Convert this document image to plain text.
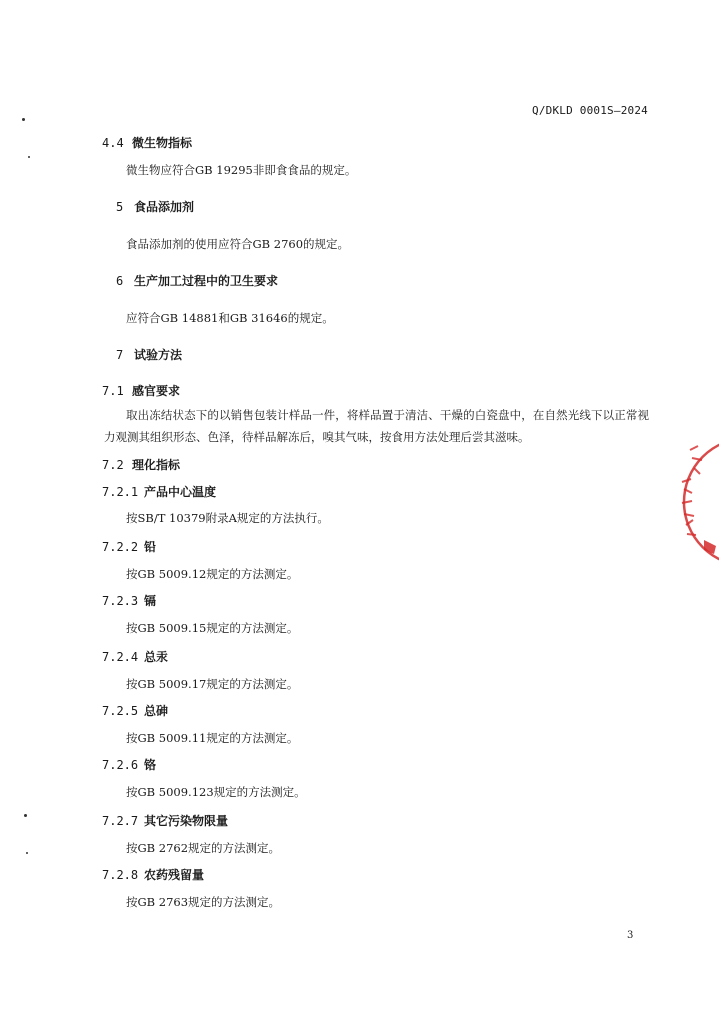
Q/DKLD 0001S—2024
4.4 微生物指标
微生物应符合GB 19295非即食食品的规定。
5 食品添加剂
食品添加剂的使用应符合GB 2760的规定。
6 生产加工过程中的卫生要求
应符合GB 14881和GB 31646的规定。
7 试验方法
7.1 感官要求
取出冻结状态下的以销售包装计样品一件，将样品置于清洁、干燥的白瓷盘中，在自然光线下以正常视力观测其组织形态、色泽，待样品解冻后，嗅其气味，按食用方法处理后尝其滋味。
7.2 理化指标
7.2.1 产品中心温度
按SB/T 10379附录A规定的方法执行。
7.2.2 铅
按GB 5009.12规定的方法测定。
7.2.3 镉
按GB 5009.15规定的方法测定。
7.2.4 总汞
按GB 5009.17规定的方法测定。
7.2.5 总砷
按GB 5009.11规定的方法测定。
7.2.6 铬
按GB 5009.123规定的方法测定。
7.2.7 其它污染物限量
按GB 2762规定的方法测定。
7.2.8 农药残留量
按GB 2763规定的方法测定。
3
